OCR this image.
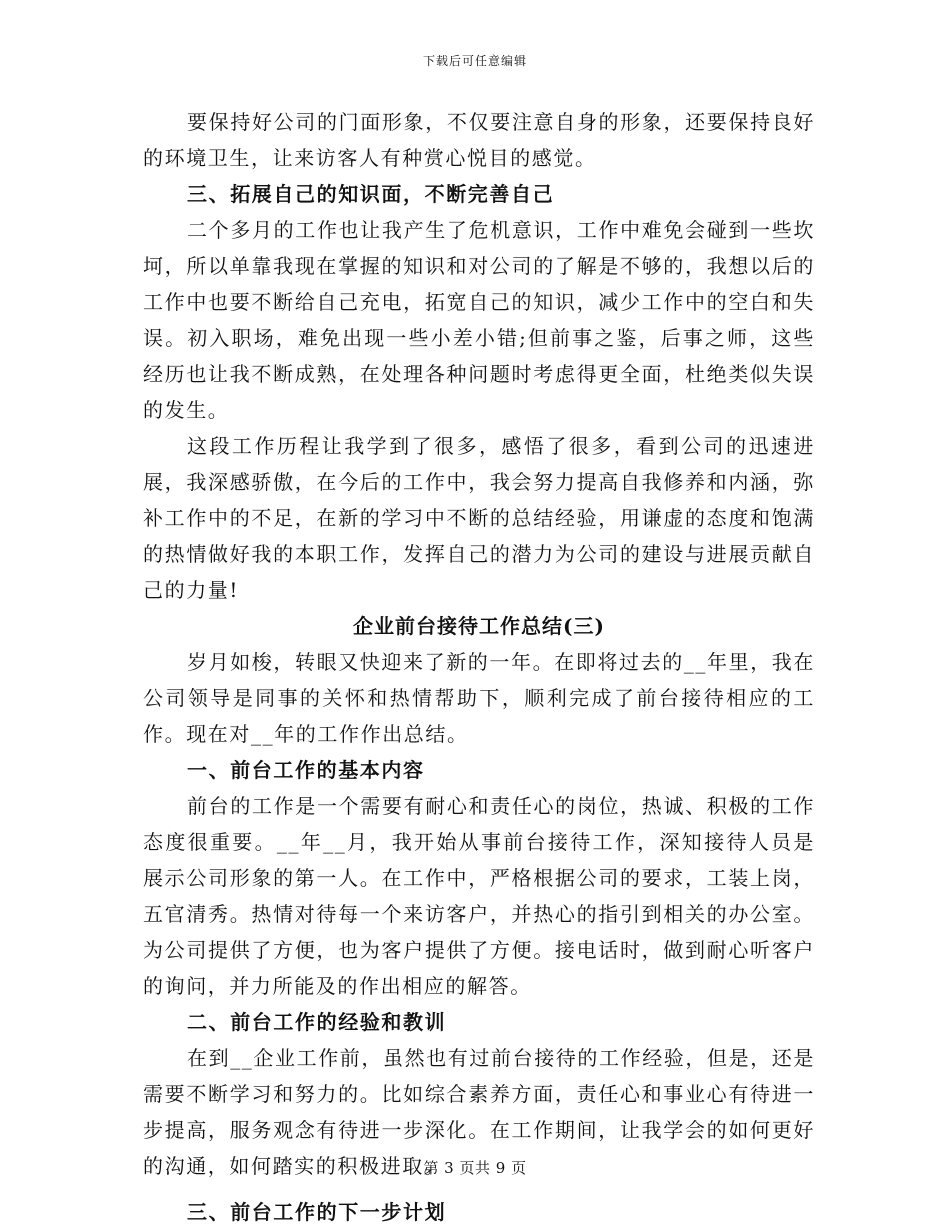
下载后可任意编辑

要保持好公司的门面形象，不仅要注意自身的形象，还要保持良好的环境卫生，让来访客人有种赏心悦目的感觉。

三、拓展自己的知识面，不断完善自己

二个多月的工作也让我产生了危机意识，工作中难免会碰到一些坎坷，所以单靠我现在掌握的知识和对公司的了解是不够的，我想以后的工作中也要不断给自己充电，拓宽自己的知识，减少工作中的空白和失误。初入职场，难免出现一些小差小错;但前事之鉴，后事之师，这些经历也让我不断成熟，在处理各种问题时考虑得更全面，杜绝类似失误的发生。

这段工作历程让我学到了很多，感悟了很多，看到公司的迅速进展，我深感骄傲，在今后的工作中，我会努力提高自我修养和内涵，弥补工作中的不足，在新的学习中不断的总结经验，用谦虚的态度和饱满的热情做好我的本职工作，发挥自己的潜力为公司的建设与进展贡献自己的力量!

企业前台接待工作总结(三)

岁月如梭，转眼又快迎来了新的一年。在即将过去的__年里，我在公司领导是同事的关怀和热情帮助下，顺利完成了前台接待相应的工作。现在对__年的工作作出总结。

一、前台工作的基本内容

前台的工作是一个需要有耐心和责任心的岗位，热诚、积极的工作态度很重要。__年__月，我开始从事前台接待工作，深知接待人员是展示公司形象的第一人。在工作中，严格根据公司的要求，工装上岗，五官清秀。热情对待每一个来访客户，并热心的指引到相关的办公室。为公司提供了方便，也为客户提供了方便。接电话时，做到耐心听客户的询问，并力所能及的作出相应的解答。

二、前台工作的经验和教训

在到__企业工作前，虽然也有过前台接待的工作经验，但是，还是需要不断学习和努力的。比如综合素养方面，责任心和事业心有待进一步提高，服务观念有待进一步深化。在工作期间，让我学会的如何更好的沟通，如何踏实的积极进取。

三、前台工作的下一步计划

第 3 页共 9 页
